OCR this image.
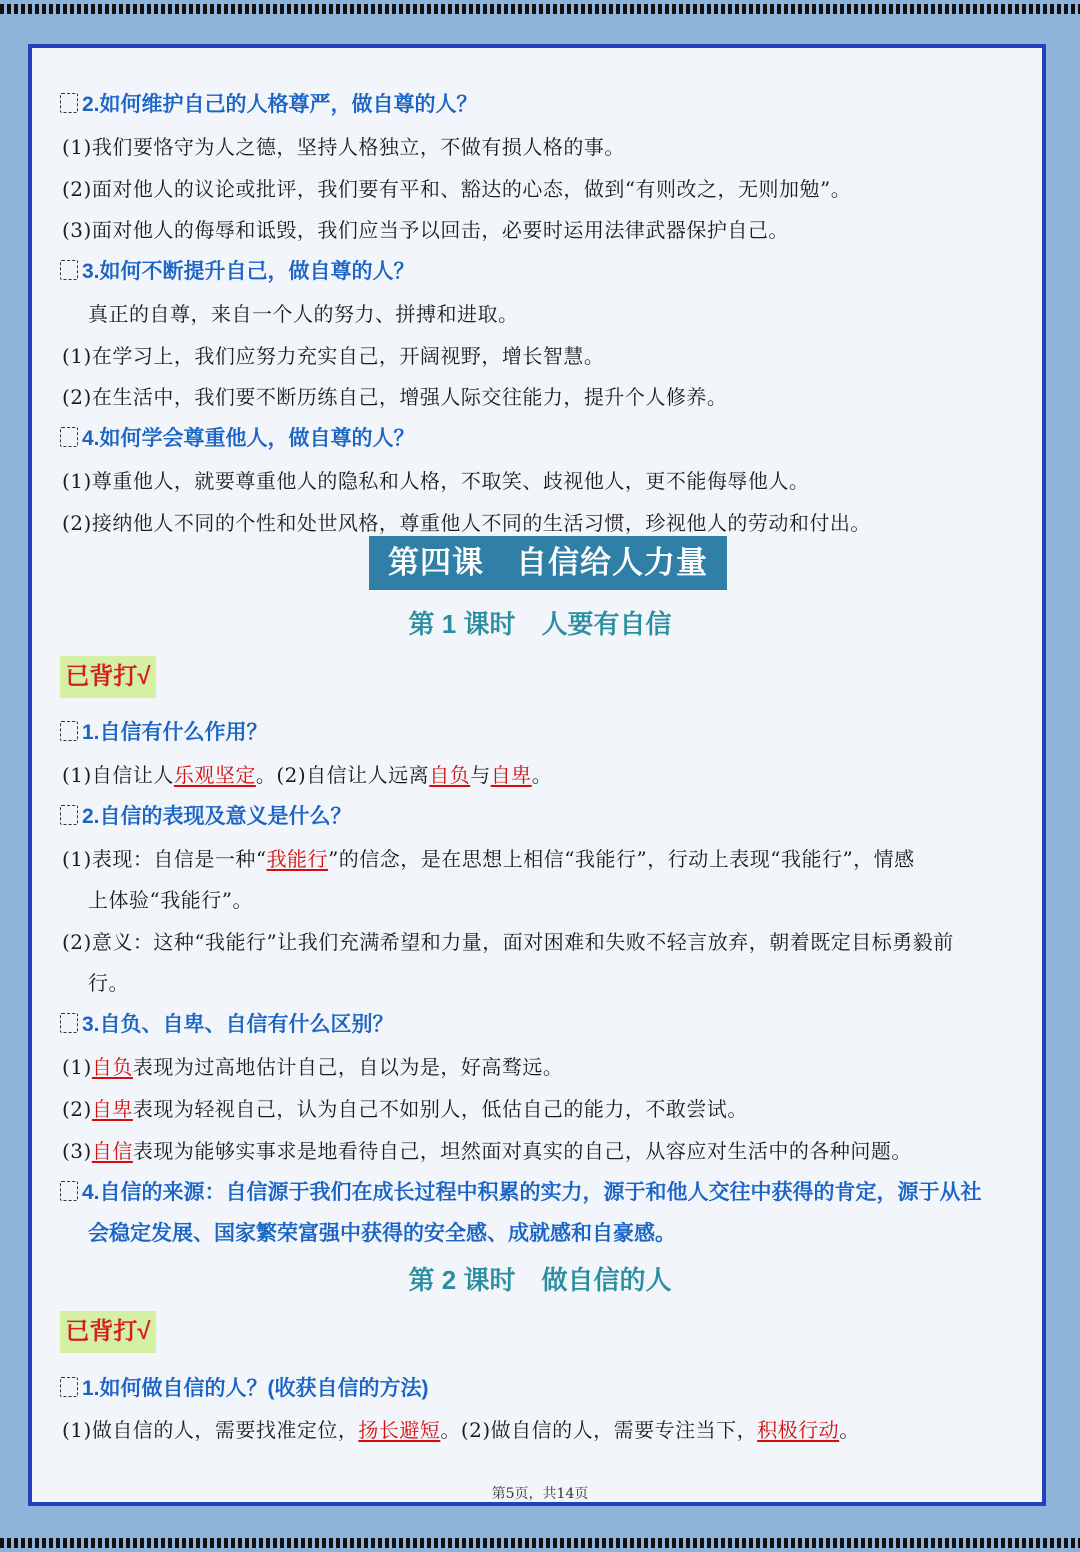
2.如何维护自己的人格尊严，做自尊的人？
(1)我们要恪守为人之德，坚持人格独立，不做有损人格的事。
(2)面对他人的议论或批评，我们要有平和、豁达的心态，做到“有则改之，无则加勉”。
(3)面对他人的侮辱和诋毁，我们应当予以回击，必要时运用法律武器保护自己。
3.如何不断提升自己，做自尊的人？
真正的自尊，来自一个人的努力、拼搏和进取。
(1)在学习上，我们应努力充实自己，开阔视野，增长智慧。
(2)在生活中，我们要不断历练自己，增强人际交往能力，提升个人修养。
4.如何学会尊重他人，做自尊的人？
(1)尊重他人，就要尊重他人的隐私和人格，不取笑、歧视他人，更不能侮辱他人。
(2)接纳他人不同的个性和处世风格，尊重他人不同的生活习惯，珍视他人的劳动和付出。
第四课　自信给人力量
第 1 课时　人要有自信
已背打√
1.自信有什么作用？
(1)自信让人乐观坚定。(2)自信让人远离自负与自卑。
2.自信的表现及意义是什么？
(1)表现：自信是一种“我能行”的信念，是在思想上相信“我能行”，行动上表现“我能行”，情感
上体验“我能行”。
(2)意义：这种“我能行”让我们充满希望和力量，面对困难和失败不轻言放弃，朝着既定目标勇毅前
行。
3.自负、自卑、自信有什么区别？
(1)自负表现为过高地估计自己，自以为是，好高骛远。
(2)自卑表现为轻视自己，认为自己不如别人，低估自己的能力，不敢尝试。
(3)自信表现为能够实事求是地看待自己，坦然面对真实的自己，从容应对生活中的各种问题。
4.自信的来源：自信源于我们在成长过程中积累的实力，源于和他人交往中获得的肯定，源于从社
会稳定发展、国家繁荣富强中获得的安全感、成就感和自豪感。
第 2 课时　做自信的人
已背打√
1.如何做自信的人？(收获自信的方法)
(1)做自信的人，需要找准定位，扬长避短。(2)做自信的人，需要专注当下，积极行动。
第5页，共14页
